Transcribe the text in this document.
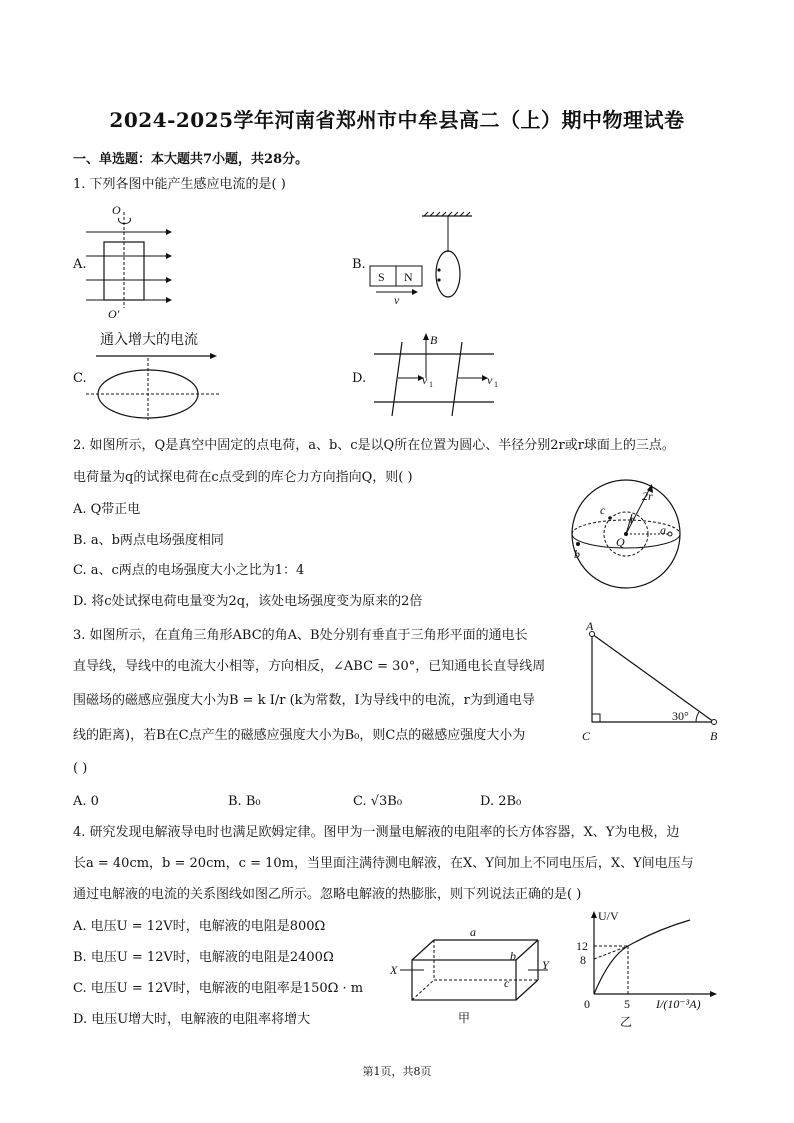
2024-2025学年河南省郑州市中牟县高二（上）期中物理试卷
一、单选题：本大题共7小题，共28分。
1. 下列各图中能产生感应电流的是( )
A.	B.
C.	D.
O
O′
S N
v
通入增大的电流	B
v 1	v 1
2. 如图所示，Q是真空中固定的点电荷，a、b、c是以Q所在位置为圆心、半径分别2r或r球面上的三点。
电荷量为q的试探电荷在c点受到的库仑力方向指向Q，则( )
A. Q带正电
B. a、b两点电场强度相同
C. a、c两点的电场强度大小之比为1：4
D. 将c处试探电荷电量变为2q，该处电场强度变为原来的2倍
2r
r
Q
a
b
c
3. 如图所示，在直角三角形ABC的角A、B处分别有垂直于三角形平面的通电长
直导线，导线中的电流大小相等，方向相反，∠ABC = 30°，已知通电长直导线周
围磁场的磁感应强度大小为B = k I/r (k为常数，I为导线中的电流，r为到通电导
线的距离)，若B在C点产生的磁感应强度大小为B₀，则C点的磁感应强度大小为
( )
A. 0	B. B₀	C. √3B₀	D. 2B₀
A
C	B
30°
4. 研究发现电解液导电时也满足欧姆定律。图甲为一测量电解液的电阻率的长方体容器，X、Y为电极，边
长a = 40cm，b = 20cm，c = 10m，当里面注满待测电解液，在X、Y间加上不同电压后，X、Y间电压与
通过电解液的电流的关系图线如图乙所示。忽略电解液的热膨胀，则下列说法正确的是( )
A. 电压U = 12V时，电解液的电阻是800Ω
B. 电压U = 12V时，电解液的电阻是2400Ω
C. 电压U = 12V时，电解液的电阻率是150Ω · m
D. 电压U增大时，电解液的电阻率将增大
a
b
c
X	Y
甲
U/V
12
8
0	5 I/(10⁻³A)
乙
第1页，共8页
